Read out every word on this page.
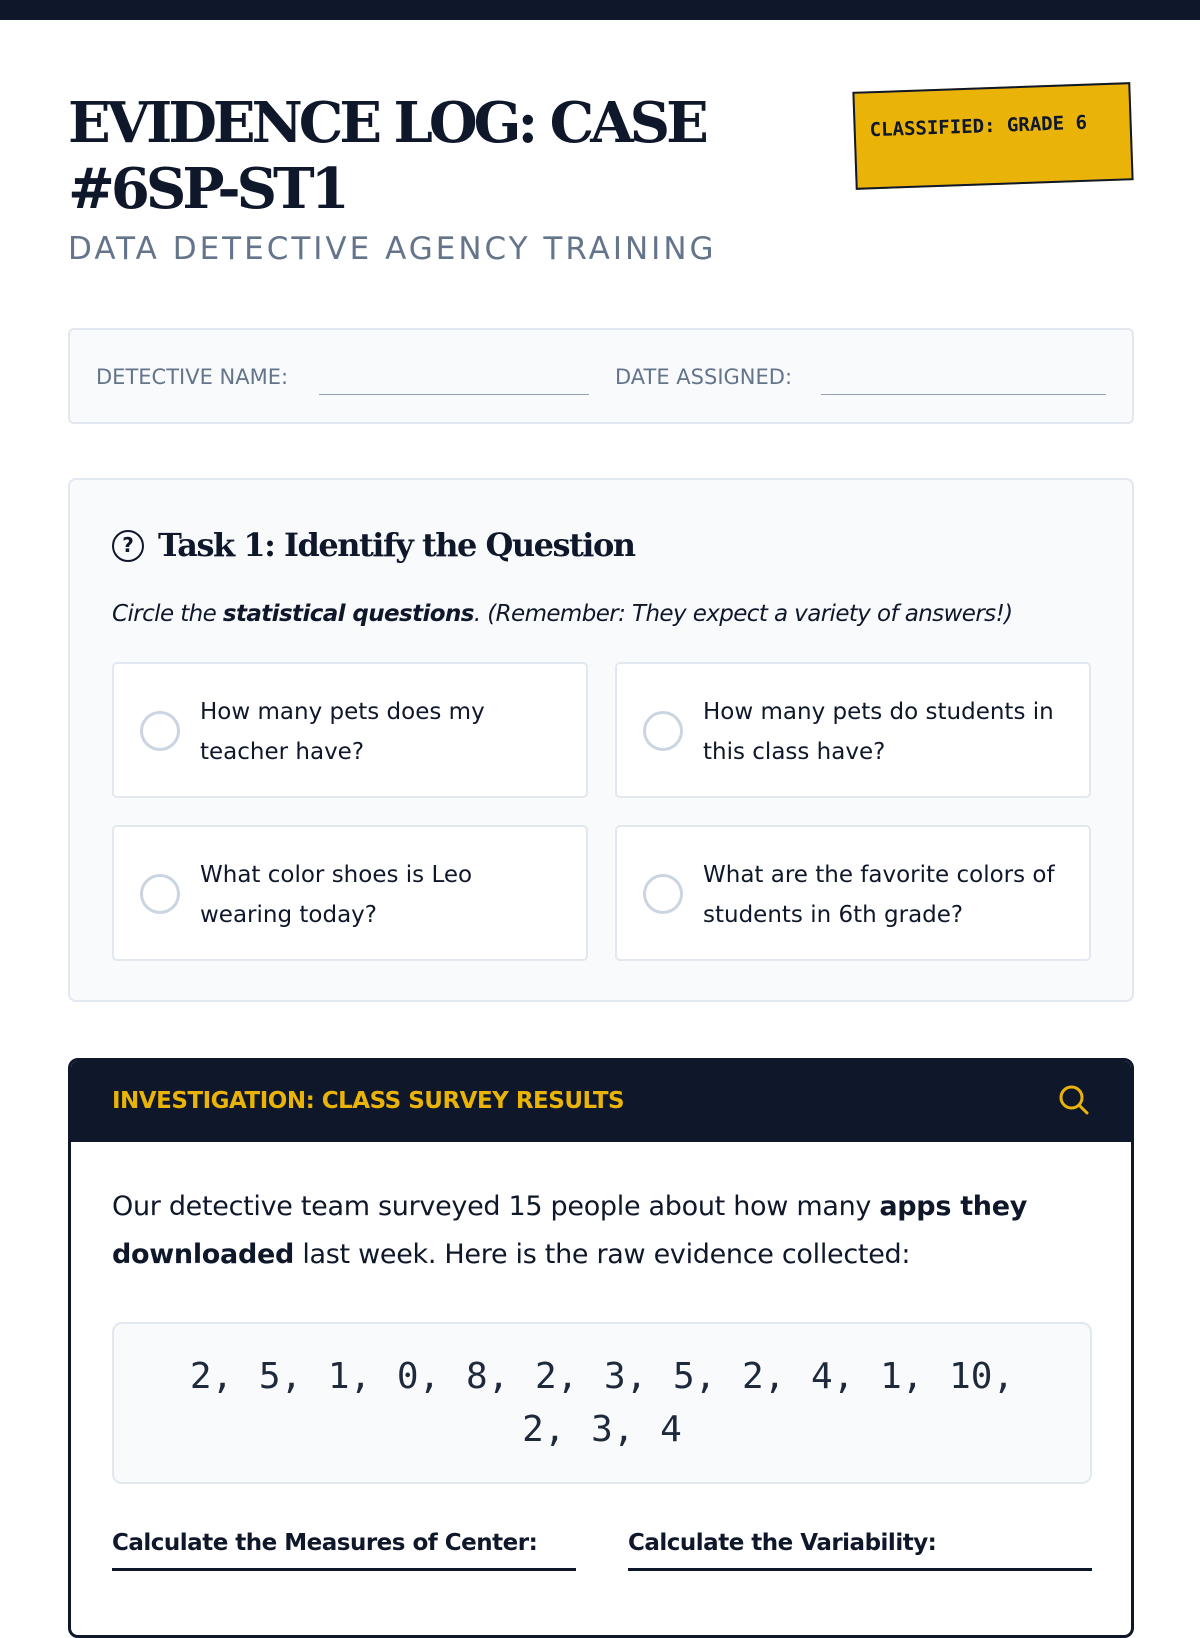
EVIDENCE LOG: CASE #6SP-ST1
DATA DETECTIVE AGENCY TRAINING
CLASSIFIED: GRADE 6
DETECTIVE NAME:	DATE ASSIGNED:
? Task 1: Identify the Question
Circle the statistical questions. (Remember: They expect a variety of answers!)
How many pets does my teacher have?
How many pets do students in this class have?
What color shoes is Leo wearing today?
What are the favorite colors of students in 6th grade?
INVESTIGATION: CLASS SURVEY RESULTS
Our detective team surveyed 15 people about how many apps they downloaded last week. Here is the raw evidence collected:
2, 5, 1, 0, 8, 2, 3, 5, 2, 4, 1, 10, 2, 3, 4
Calculate the Measures of Center:	Calculate the Variability:
